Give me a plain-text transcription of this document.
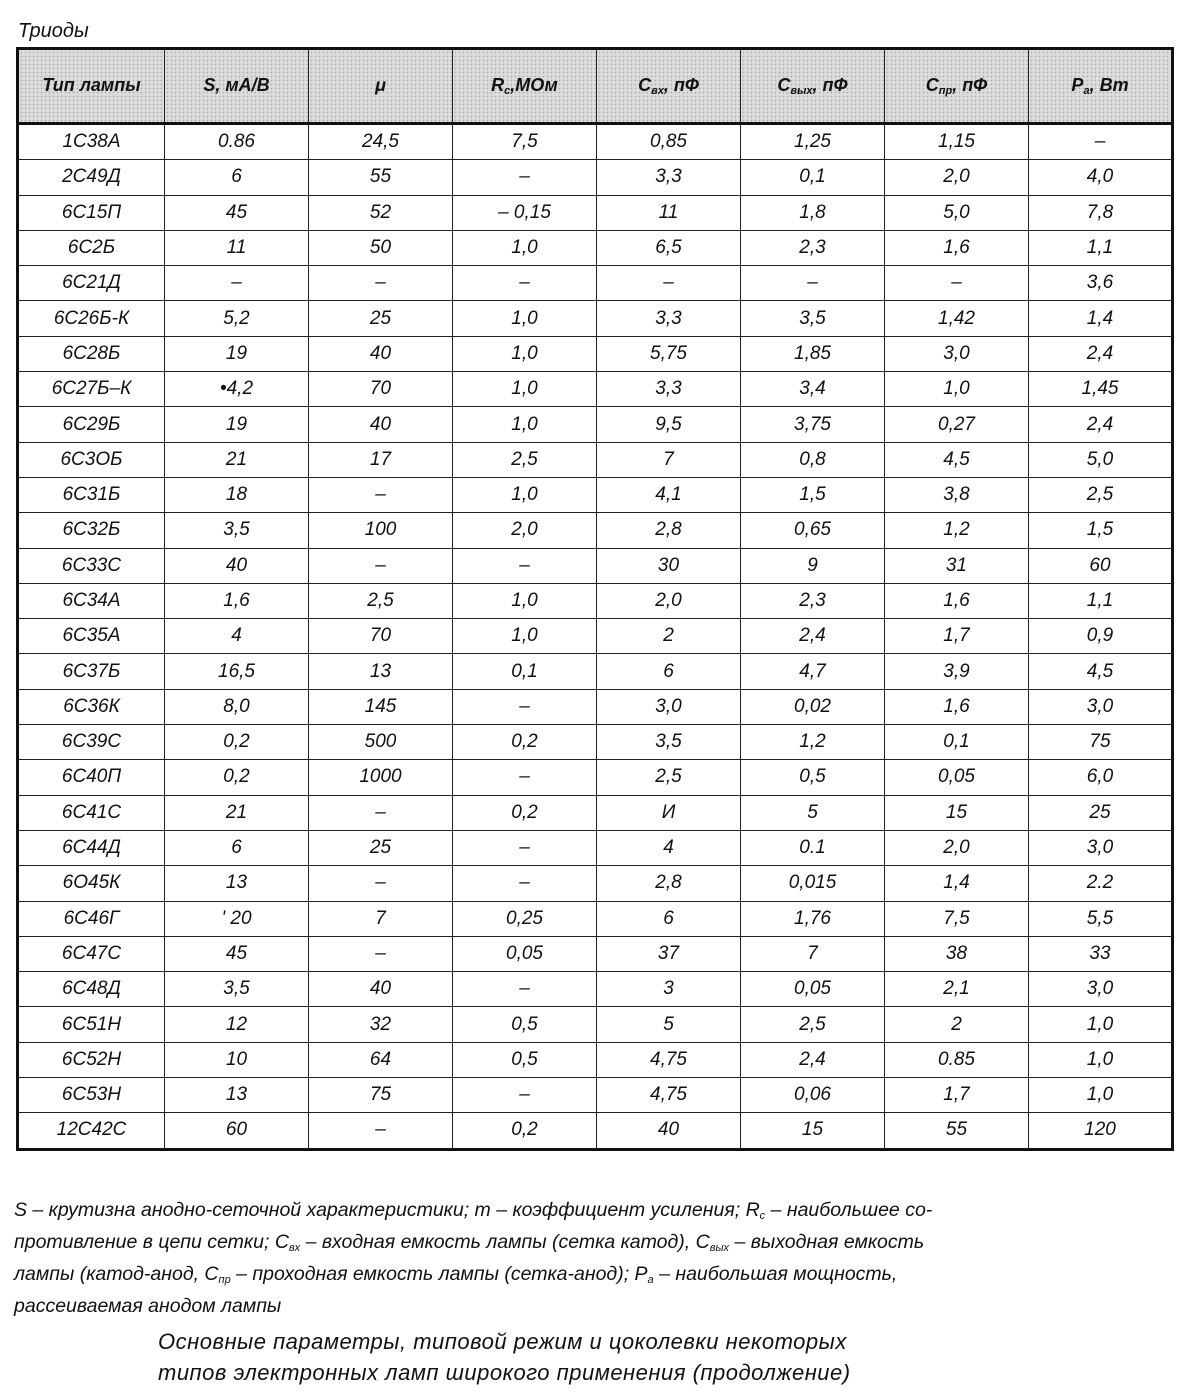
Триоды
Тип лампы	S, мА/В	μ	$R_c,МОм$	$C_{вх}$, пФ	$C_{вых}$, пФ	$C_{пр}$, пФ	$P_а$, Вт
1С38А	0.86	24,5	7,5	0,85	1,25	1,15	–
2С49Д	6	55	–	3,3	0,1	2,0	4,0
6С15П	45	52	– 0,15	11	1,8	5,0	7,8
6С2Б	11	50	1,0	6,5	2,3	1,6	1,1
6С21Д	–	–	–	–	–	–	3,6
6С26Б-К	5,2	25	1,0	3,3	3,5	1,42	1,4
6С28Б	19	40	1,0	5,75	1,85	3,0	2,4
6С27Б–К	•4,2	70	1,0	3,3	3,4	1,0	1,45
6С29Б	19	40	1,0	9,5	3,75	0,27	2,4
6С3ОБ	21	17	2,5	7	0,8	4,5	5,0
6С31Б	18	–	1,0	4,1	1,5	3,8	2,5
6С32Б	3,5	100	2,0	2,8	0,65	1,2	1,5
6С33С	40	–	–	30	9	31	60
6С34А	1,6	2,5	1,0	2,0	2,3	1,6	1,1
6С35А	4	70	1,0	2	2,4	1,7	0,9
6С37Б	16,5	13	0,1	6	4,7	3,9	4,5
6С36К	8,0	145	–	3,0	0,02	1,6	3,0
6С39С	0,2	500	0,2	3,5	1,2	0,1	75
6С40П	0,2	1000	–	2,5	0,5	0,05	6,0
6С41С	21	–	0,2	И	5	15	25
6С44Д	6	25	–	4	0.1	2,0	3,0
6О45К	13	–	–	2,8	0,015	1,4	2.2
6С46Г	' 20	7	0,25	6	1,76	7,5	5,5
6С47С	45	–	0,05	37	7	38	33
6С48Д	3,5	40	–	3	0,05	2,1	3,0
6С51Н	12	32	0,5	5	2,5	2	1,0
6С52Н	10	64	0,5	4,75	2,4	0.85	1,0
6С53Н	13	75	–	4,75	0,06	1,7	1,0
12С42С	60	–	0,2	40	15	55	120
S – крутизна анодно-сеточной характеристики; m – коэффициент усиления; $R_c$ – наибольшее со-
противление в цепи сетки; $C_{вх}$ – входная емкость лампы (сетка катод), $C_{вых}$ – выходная емкость
лампы (катод-анод, $C_{пр}$ – проходная емкость лампы (сетка-анод); $P_а$ – наибольшая мощность,
рассеиваемая анодом лампы
Основные параметры, типовой режим и цоколевки некоторых
типов электронных ламп широкого применения (продолжение)
